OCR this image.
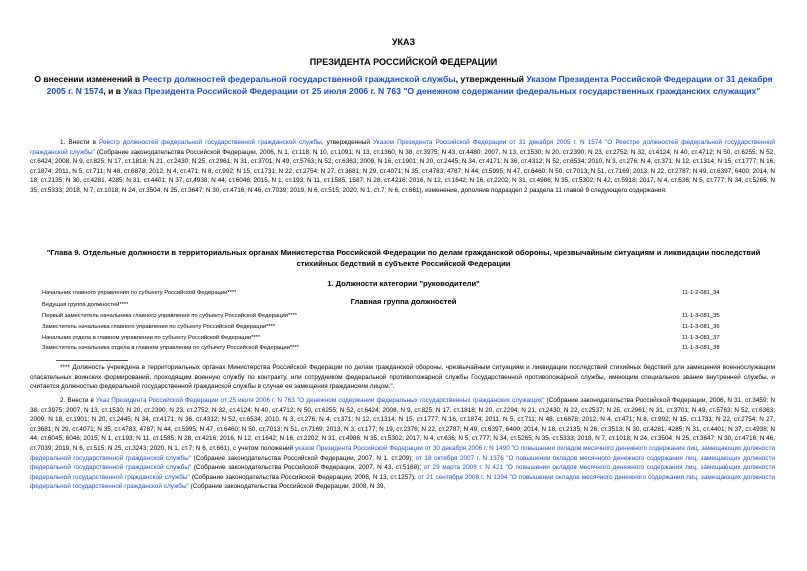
УКАЗ
ПРЕЗИДЕНТА РОССИЙСКОЙ ФЕДЕРАЦИИ
О внесении изменений в Реестр должностей федеральной государственной гражданской службы, утвержденный Указом Президента Российской Федерации от 31 декабря 2005 г. N 1574, и в Указ Президента Российской Федерации от 25 июля 2006 г. N 763 "О денежном содержании федеральных государственных гражданских служащих"
1. Внести в Реестр должностей федеральной государственной гражданской службы, утвержденный Указом Президента Российской Федерации от 31 декабря 2005 г. N 1574 "О Реестре должностей федеральной государственной гражданской службы" (Собрание законодательства Российской Федерации, 2006, N 1, ст.118; N 10, ст.1091; N 13, ст.1360; N 38, ст.3975; N 43, ст.4480; 2007, N 13, ст.1530; N 20, ст.2390; N 23, ст.2752; N 32, ст.4124; N 40, ст.4712; N 50, ст.6255; N 52, ст.6424; 2008, N 9, ст.825; N 17, ст.1818; N 21, ст.2430; N 25, ст.2961; N 31, ст.3701; N 49, ст.5763; N 52, ст.6363; 2009, N 16, ст.1901; N 20, ст.2445; N 34, ст.4171; N 36, ст.4312; N 52, ст.6534; 2010, N 3, ст.276; N 4, ст.371; N 12, ст.1314; N 15, ст.1777; N 16, ст.1874; 2011, N 5, ст.711; N 48, ст.6878; 2012, N 4, ст.471; N 8, ст.992; N 15, ст.1731; N 22, ст.2754; N 27, ст.3681; N 29, ст.4071; N 35, ст.4783; 4787; N 44, ст.5995; N 47, ст.6460; N 50, ст.7013; N 51, ст.7169; 2013, N 22, ст.2787; N 49, ст.6397, 6400; 2014, N 18, ст.2135; N 30, ст.4281, 4285; N 31, ст.4401; N 37, ст.4938; N 44, ст.6046; 2015, N 1, ст.193; N 11, ст.1585, 1587; N 28, ст.4216; 2016, N 12, ст.1642; N 16, ст.2202; N 31, ст.4986; N 35, ст.5302; N 42, ст.5918; 2017, N 4, ст.636; N 5, ст.777; N 34, ст.5265; N 35, ст.5333; 2018, N 7, ст.1018; N 24, ст.3504; N 25, ст.3647; N 30, ст.4716; N 46, ст.7039; 2019, N 6, ст.515; 2020, N 1, ст.7; N 6, ст.661), изменение, дополнив подраздел 2 раздела 11 главой 9 следующего содержания:
"Глава 9. Отдельные должности в территориальных органах Министерства Российской Федерации по делам гражданской обороны, чрезвычайным ситуациям и ликвидации последствий стихийных бедствий в субъекте Российской Федерации
1. Должности категории "руководители"
Главная группа должностей
Начальник главного управления по субъекту Российской Федерации****	11-1-2-081_34
Ведущая группа должностей****
Первый заместитель начальника главного управления по субъекту Российской Федерации****	11-1-3-081_35
Заместитель начальника главного управления по субъекту Российской Федерации****	11-1-3-081_36
Начальник отдела в главном управлении по субъекту Российской Федерации****	11-1-3-081_37
Заместитель начальника отдела в главном управлении по субъекту Российской Федерации****	11-1-3-081_38
**** Должность учреждена в территориальных органах Министерства Российской Федерации по делам гражданской обороны, чрезвычайным ситуациям и ликвидации последствий стихийных бедствий для замещения военнослужащим спасательных воинских формирований, проходящим военную службу по контракту, или сотрудником федеральной противопожарной службы Государственной противопожарной службы, имеющим специальное звание внутренней службы, и считается должностью федеральной государственной гражданской службы в случае ее замещения гражданским лицом.".
2. Внести в Указ Президента Российской Федерации от 25 июля 2006 г. N 763 "О денежном содержании федеральных государственных гражданских служащих" (Собрание законодательства Российской Федерации, 2006, N 31, ст.3459; N 38, ст.3975; 2007, N 13, ст.1530; N 20, ст.2390; N 23, ст.2752; N 32, ст.4124; N 40, ст.4712; N 50, ст.6255; N 52, ст.6424; 2008, N 9, ст.825; N 17, ст.1818; N 20, ст.2294; N 21, ст.2430; N 22, ст.2537; N 25, ст.2961; N 31, ст.3701; N 49, ст.5763; N 52, ст.6363; 2009, N 18, ст.1901; N 20, ст.2445; N 34, ст.4171; N 36, ст.4312; N 52, ст.6534; 2010, N 3, ст.276; N 4, ст.371; N 12, ст.1314; N 15, ст.1777; N 16, ст.1874; 2011, N 5, ст.711; N 48, ст.6878; 2012, N 4, ст.471; N 8, ст.992; N 15, ст.1731; N 22, ст.2754; N 27, ст.3681; N 29, ст.4071; N 35, ст.4783, 4787; N 44, ст.5995; N 47, ст.6460; N 50, ст.7013; N 51, ст.7169; 2013, N 3, ст.177; N 19, ст.2376; N 22, ст.2787; N 49, ст.6397, 6400; 2014, N 18, ст.2135; N 26, ст.3513; N 30, ст.4281, 4285; N 31, ст.4401; N 37, ст.4938; N 44, ст.6045, 6046; 2015, N 1, ст.193; N 11, ст.1585; N 28, ст.4216; 2016, N 12, ст.1642; N 16, ст.2202; N 31, ст.4986; N 35, ст.5302; 2017, N 4, ст.636; N 5, ст.777; N 34, ст.5265; N 35, ст.5333; 2018, N 7, ст.1018; N 24, ст.3504; N 25, ст.3647; N 30, ст.4716; N 46, ст.7039; 2019, N 6, ст.515; N 25, ст.3243; 2020, N 1, ст.7; N 6, ст.661), с учетом положений указов Президента Российской Федерации от 30 декабря 2006 г. N 1490 "О повышении окладов месячного денежного содержания лиц, замещающих должности федеральной государственной гражданской службы" (Собрание законодательства Российской Федерации, 2007, N 1, ст.209); от 18 октября 2007 г. N 1376 "О повышении окладов месячного денежного содержания лиц, замещающих должности федеральной государственной гражданской службы" (Собрание законодательства Российской Федерации, 2007, N 43, ст.5168); от 29 марта 2008 г. N 421 "О повышении окладов месячного денежного содержания лиц, замещающих должности федеральной государственной гражданской службы" (Собрание законодательства Российской Федерации, 2008, N 13, ст.1257); от 21 сентября 2008 г. N 1394 "О повышении окладов месячного денежного содержания лиц, замещающих должности федеральной государственной гражданской службы" (Собрание законодательства Российской Федерации, 2008, N 39,
